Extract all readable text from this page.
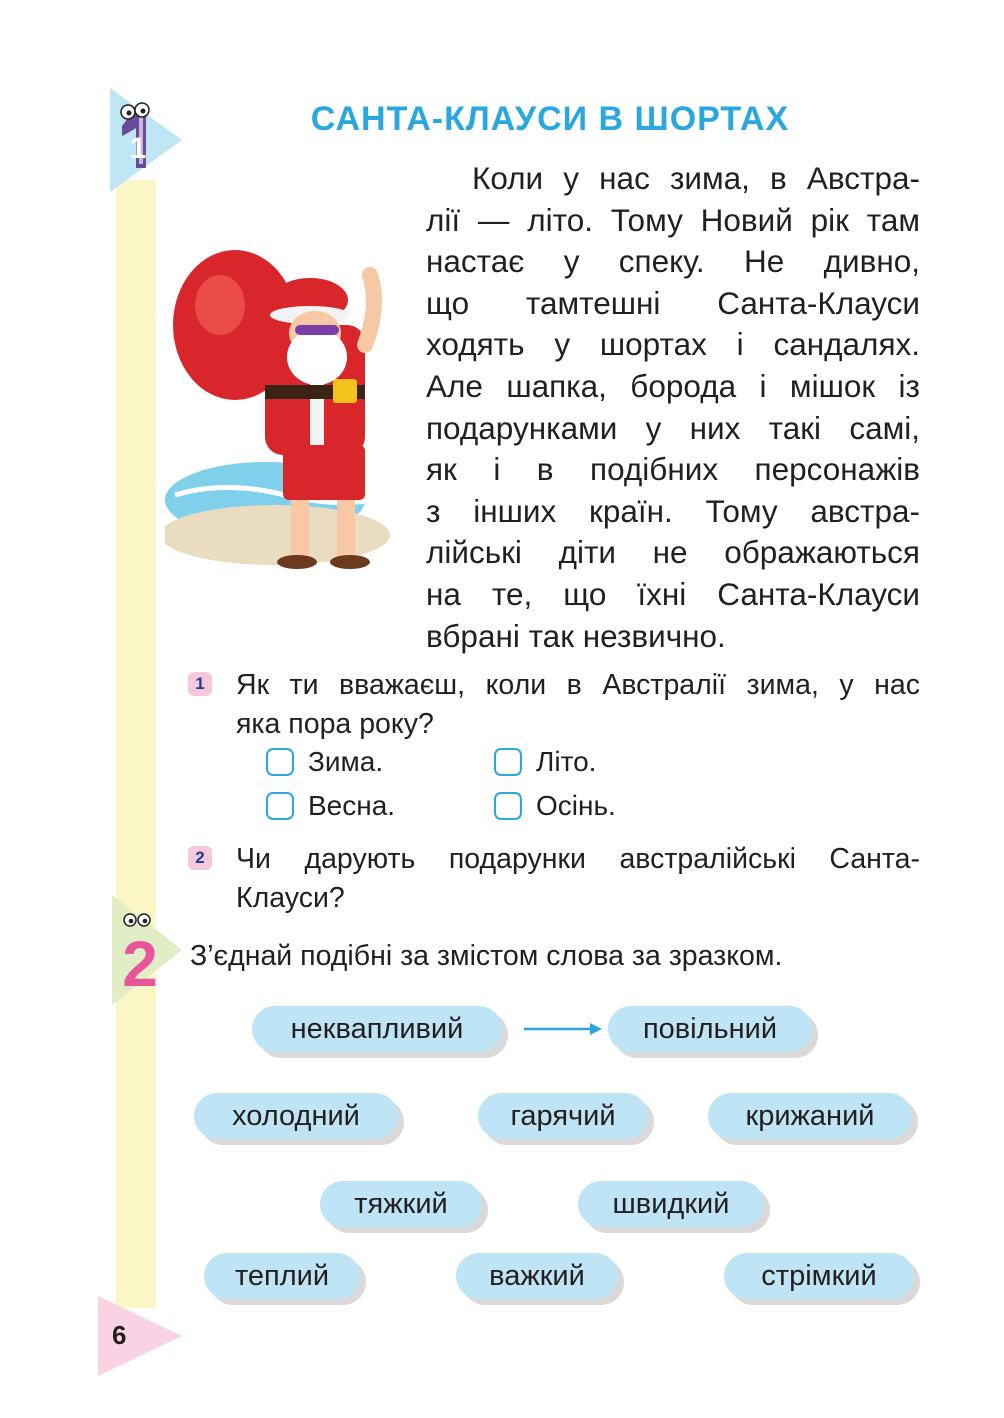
1
2
6
САНТА-КЛАУСИ В ШОРТАХ
Коли у нас зима, в Австра-
лії — літо. Тому Новий рік там
настає у спеку. Не дивно,
що тамтешні Санта-Клауси
ходять у шортах і сандалях.
Але шапка, борода і мішок із
подарунками у них такі самі,
як і в подібних персонажів
з інших країн. Тому австра-
лійські діти не ображаються
на те, що їхні Санта-Клауси
вбрані так незвично.
1 Як ти вважаєш, коли в Австралії зима, у нас
яка пора року?
Зима.	Літо.
Весна.	Осінь.
2 Чи дарують подарунки австралійські Санта-
Клауси?
З’єднай подібні за змістом слова за зразком.
неквапливий	повільний
холодний	гарячий	крижаний
тяжкий	швидкий
теплий	важкий	стрімкий
